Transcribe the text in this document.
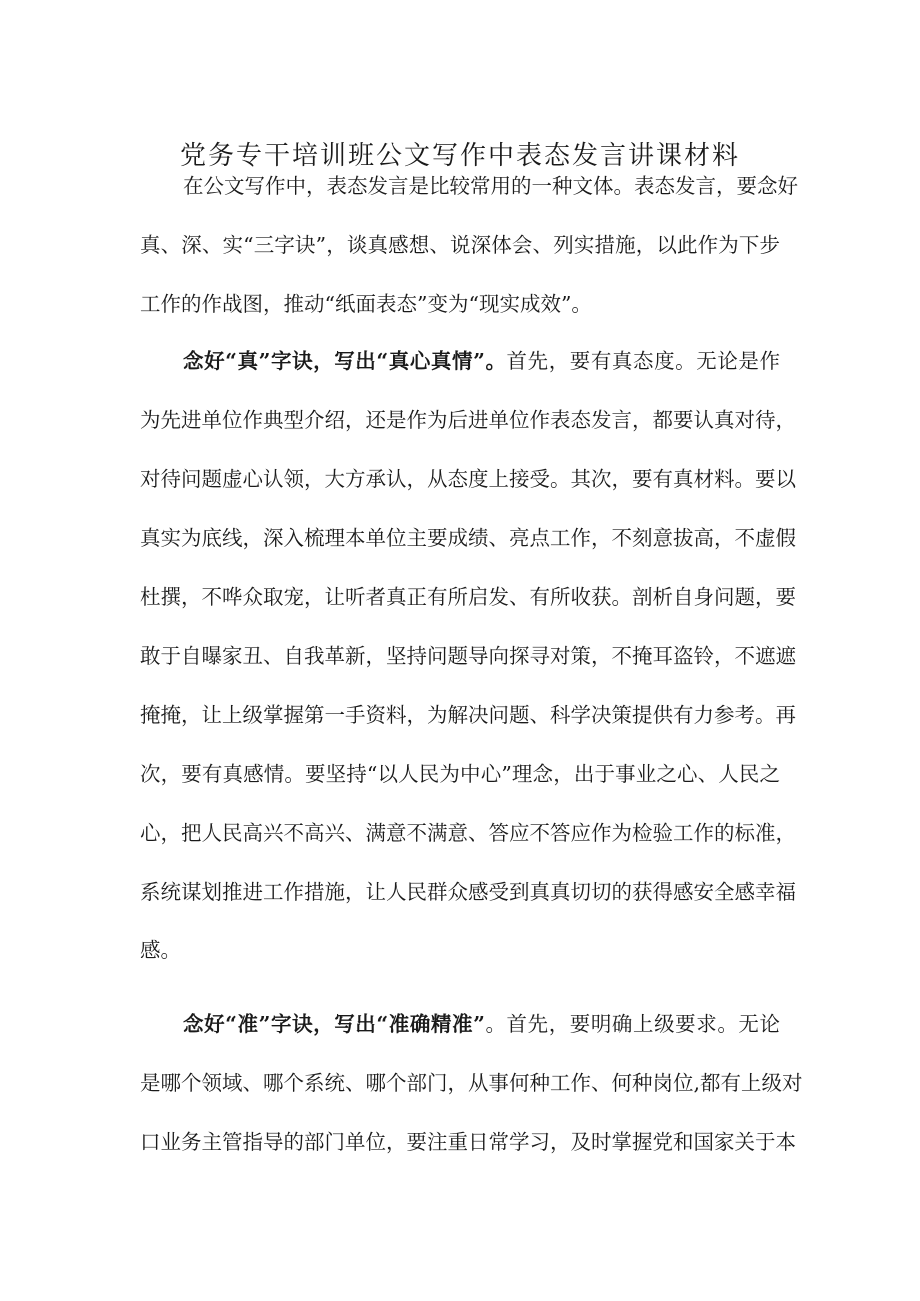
党务专干培训班公文写作中表态发言讲课材料

在公文写作中，表态发言是比较常用的一种文体。表态发言，要念好

真、深、实“三字诀”，谈真感想、说深体会、列实措施，以此作为下步

工作的作战图，推动“纸面表态”变为“现实成效”。

念好“真”字诀，写出“真心真情”。首先，要有真态度。无论是作

为先进单位作典型介绍，还是作为后进单位作表态发言，都要认真对待，

对待问题虚心认领，大方承认，从态度上接受。其次，要有真材料。要以

真实为底线，深入梳理本单位主要成绩、亮点工作，不刻意拔高，不虚假

杜撰，不哗众取宠，让听者真正有所启发、有所收获。剖析自身问题，要

敢于自曝家丑、自我革新，坚持问题导向探寻对策，不掩耳盗铃，不遮遮

掩掩，让上级掌握第一手资料，为解决问题、科学决策提供有力参考。再

次，要有真感情。要坚持“以人民为中心”理念，出于事业之心、人民之

心，把人民高兴不高兴、满意不满意、答应不答应作为检验工作的标准，

系统谋划推进工作措施，让人民群众感受到真真切切的获得感安全感幸福

感。

念好“准”字诀，写出“准确精准”。首先，要明确上级要求。无论

是哪个领域、哪个系统、哪个部门，从事何种工作、何种岗位,都有上级对

口业务主管指导的部门单位，要注重日常学习，及时掌握党和国家关于本
